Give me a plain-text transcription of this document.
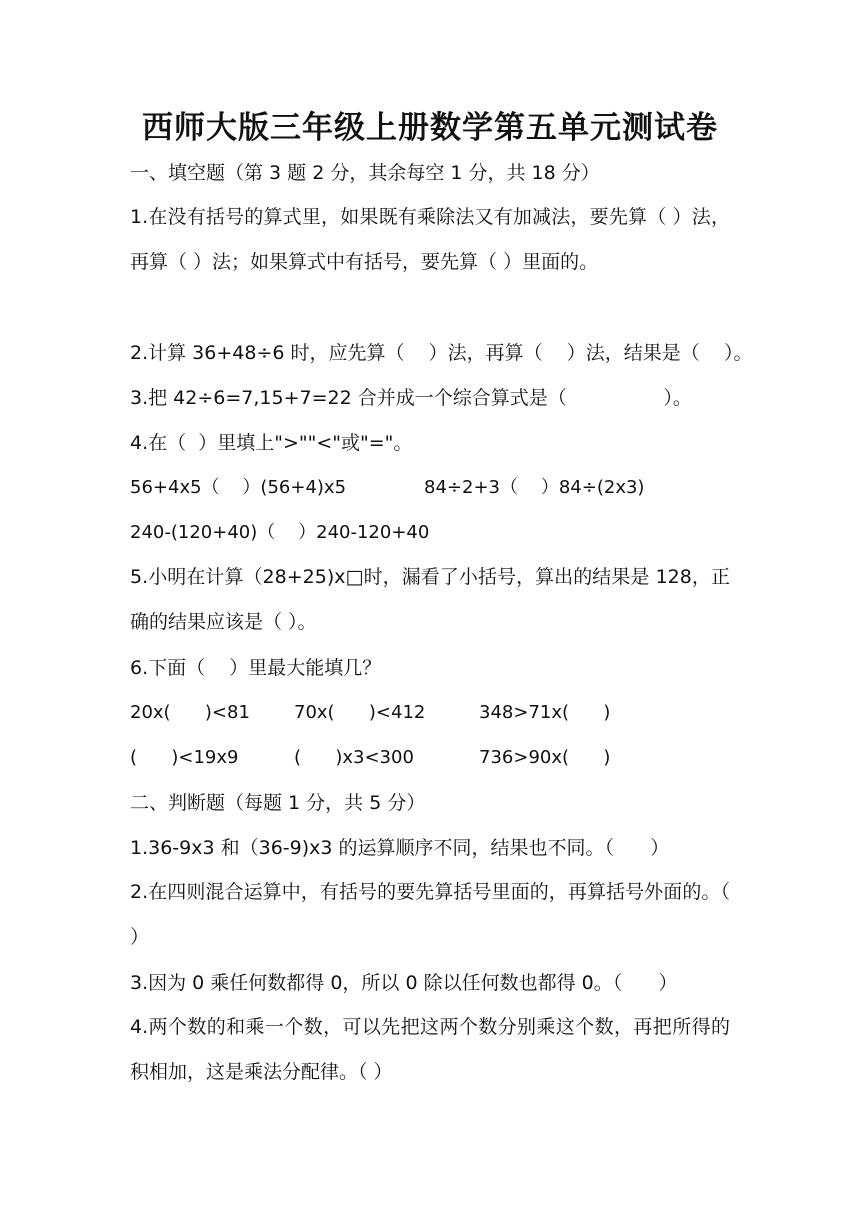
西师大版三年级上册数学第五单元测试卷
一、填空题（第 3 题 2 分，其余每空 1 分，共 18 分）
1.在没有括号的算式里，如果既有乘除法又有加减法，要先算（ ）法，再算（ ）法；如果算式中有括号，要先算（ ）里面的。
2.计算 36+48÷6 时，应先算（    ）法，再算（    ）法，结果是（    ）。
3.把 42÷6=7,15+7=22 合并成一个综合算式是（                ）。
4.在（  ）里填上">""<"或"="。
56+4x5（    ）(56+4)x5	84÷2+3（    ）84÷(2x3)
240-(120+40)（    ）240-120+40
5.小明在计算（28+25)x□时，漏看了小括号，算出的结果是 128，正确的结果应该是（ ）。
6.下面（    ）里最大能填几？
20x(      )<81 70x(      )<412	348>71x(      )
(      )<19x9	(      )x3<300	736>90x(      )
二、判断题（每题 1 分，共 5 分）
1.36-9x3 和（36-9)x3 的运算顺序不同，结果也不同。（      ）
2.在四则混合运算中，有括号的要先算括号里面的，再算括号外面的。（ ）
3.因为 0 乘任何数都得 0，所以 0 除以任何数也都得 0。（      ）
4.两个数的和乘一个数，可以先把这两个数分别乘这个数，再把所得的积相加，这是乘法分配律。（ ）
